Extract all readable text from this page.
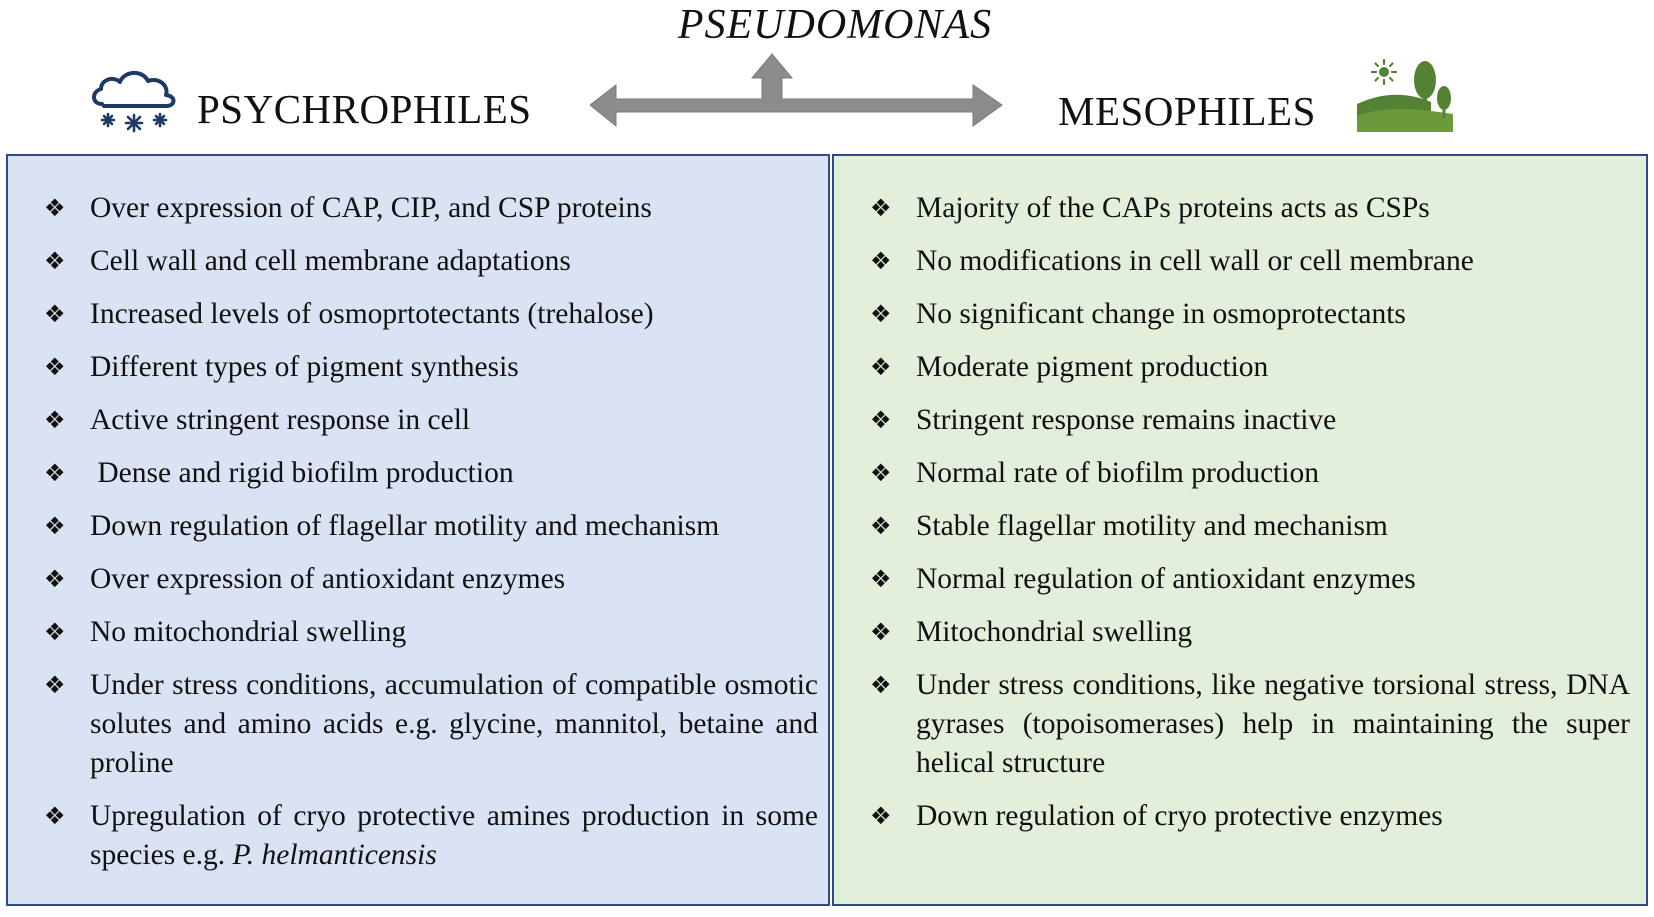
PSEUDOMONAS
PSYCHROPHILES	MESOPHILES
❖ Over expression of CAP, CIP, and CSP proteins
❖ Cell wall and cell membrane adaptations
❖ Increased levels of osmoprtotectants (trehalose)
❖ Different types of pigment synthesis
❖ Active stringent response in cell
❖ Dense and rigid biofilm production
❖ Down regulation of flagellar motility and mechanism
❖ Over expression of antioxidant enzymes
❖ No mitochondrial swelling
❖ Under stress conditions, accumulation of compatible osmotic solutes and amino acids e.g. glycine, mannitol, betaine and proline
❖ Upregulation of cryo protective amines production in some species e.g. P. helmanticensis
❖ Majority of the CAPs proteins acts as CSPs
❖ No modifications in cell wall or cell membrane
❖ No significant change in osmoprotectants
❖ Moderate pigment production
❖ Stringent response remains inactive
❖ Normal rate of biofilm production
❖ Stable flagellar motility and mechanism
❖ Normal regulation of antioxidant enzymes
❖ Mitochondrial swelling
❖ Under stress conditions, like negative torsional stress, DNA gyrases (topoisomerases) help in maintaining the super helical structure
❖ Down regulation of cryo protective enzymes
